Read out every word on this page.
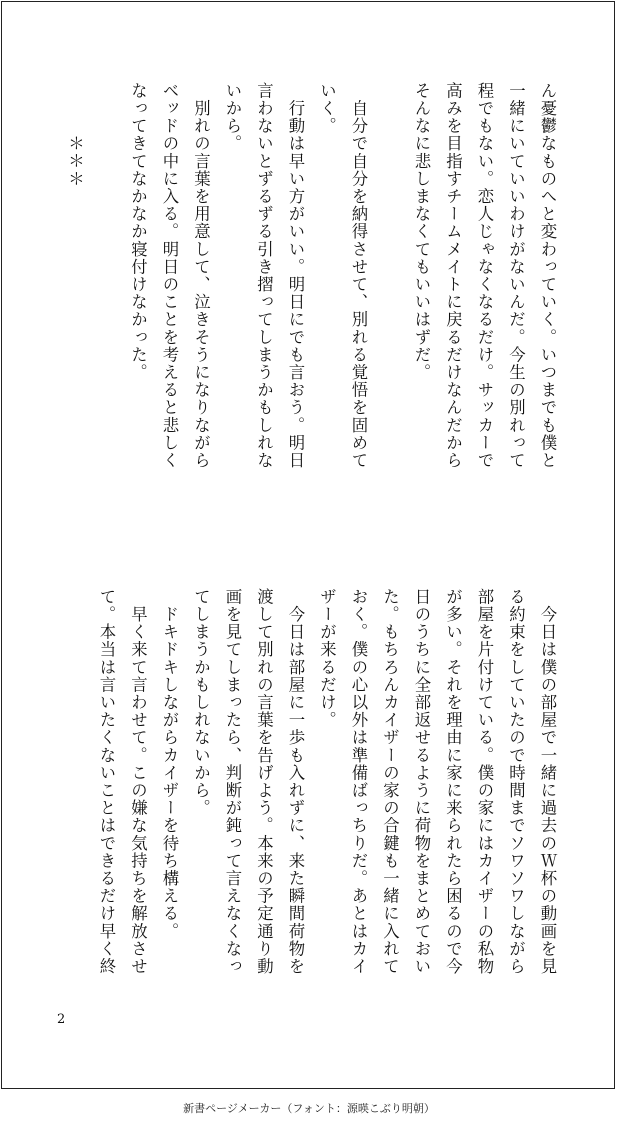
ん憂鬱なものへと変わっていく。いつまでも僕と
一緒にいていいわけがないんだ。今生の別れって
程でもない。恋人じゃなくなるだけ。サッカーで
高みを目指すチームメイトに戻るだけなんだから
そんなに悲しまなくてもいいはずだ。

　自分で自分を納得させて、別れる覚悟を固めて
いく。
　行動は早い方がいい。明日にでも言おう。明日
言わないとずるずる引き摺ってしまうかもしれな
いから。
　別れの言葉を用意して、泣きそうになりながら
ベッドの中に入る。明日のことを考えると悲しく
なってきてなかなか寝付けなかった。

　　　＊＊＊
　今日は僕の部屋で一緒に過去のＷ杯の動画を見
る約束をしていたので時間までソワソワしながら
部屋を片付けている。僕の家にはカイザーの私物
が多い。それを理由に家に来られたら困るので今
日のうちに全部返せるように荷物をまとめておい
た。もちろんカイザーの家の合鍵も一緒に入れて
おく。僕の心以外は準備ばっちりだ。あとはカイ
ザーが来るだけ。
　今日は部屋に一歩も入れずに、来た瞬間荷物を
渡して別れの言葉を告げよう。本来の予定通り動
画を見てしまったら、判断が鈍って言えなくなっ
てしまうかもしれないから。
　ドキドキしながらカイザーを待ち構える。
　早く来て言わせて。この嫌な気持ちを解放させ
て。本当は言いたくないことはできるだけ早く終
2
新書ページメーカー（フォント：源暎こぶり明朝）
